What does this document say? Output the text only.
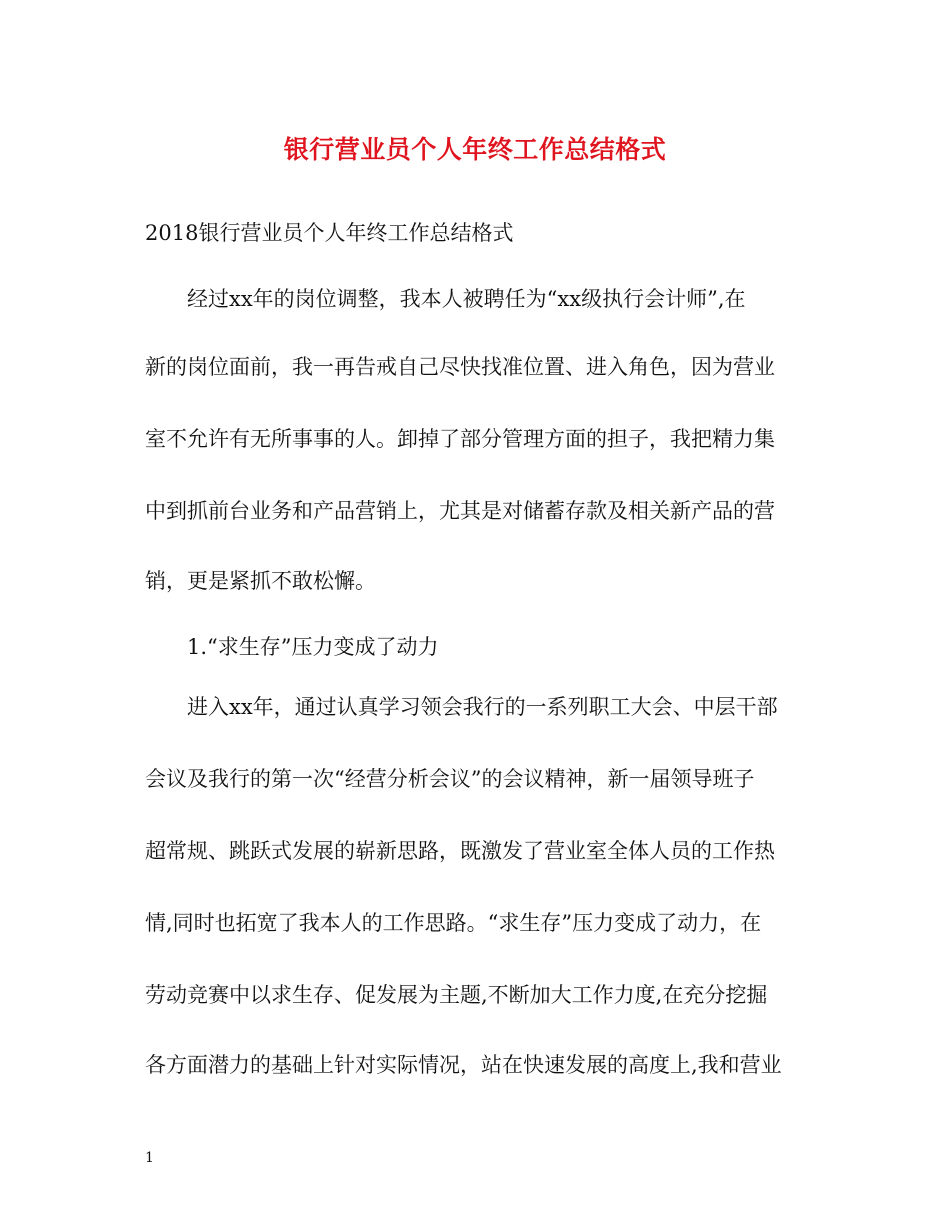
银行营业员个人年终工作总结格式
2018银行营业员个人年终工作总结格式
经过xx年的岗位调整，我本人被聘任为“xx级执行会计师”,在
新的岗位面前，我一再告戒自己尽快找准位置、进入角色，因为营业
室不允许有无所事事的人。卸掉了部分管理方面的担子，我把精力集
中到抓前台业务和产品营销上，尤其是对储蓄存款及相关新产品的营
销，更是紧抓不敢松懈。
1.“求生存”压力变成了动力
进入xx年，通过认真学习领会我行的一系列职工大会、中层干部
会议及我行的第一次“经营分析会议”的会议精神，新一届领导班子
超常规、跳跃式发展的崭新思路，既激发了营业室全体人员的工作热
情,同时也拓宽了我本人的工作思路。“求生存”压力变成了动力，在
劳动竞赛中以求生存、促发展为主题,不断加大工作力度,在充分挖掘
各方面潜力的基础上针对实际情况，站在快速发展的高度上,我和营业
1
